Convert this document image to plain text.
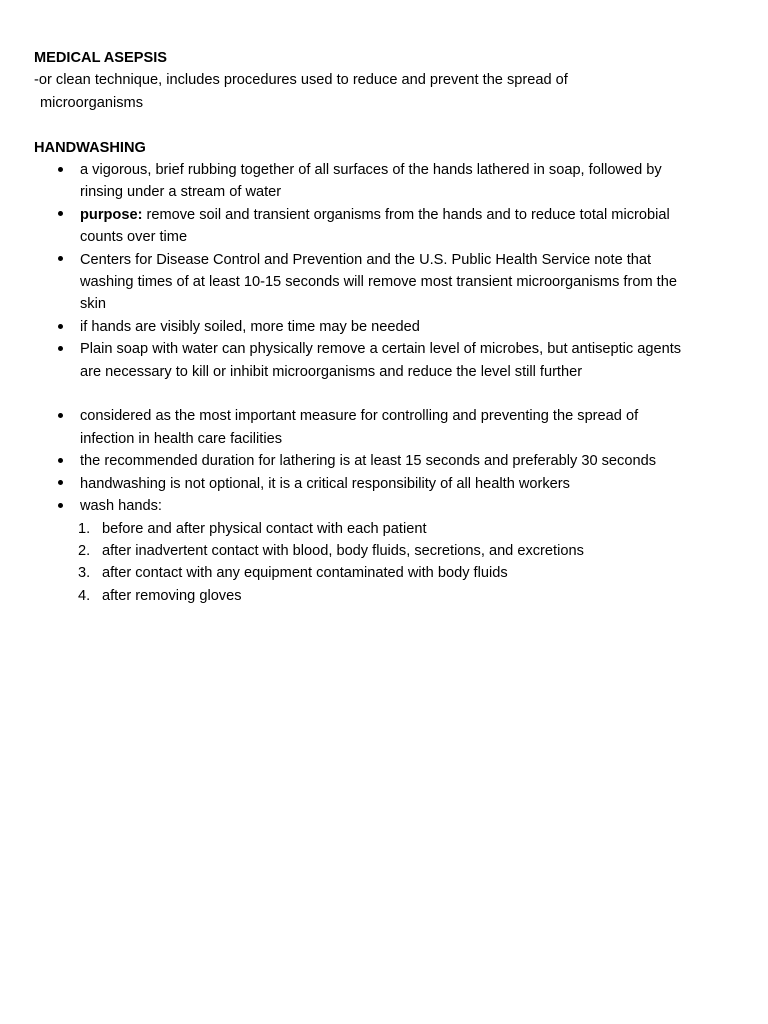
MEDICAL ASEPSIS

-or clean technique, includes procedures used to reduce and prevent the spread of
microorganisms

HANDWASHING

a vigorous, brief rubbing together of all surfaces of the hands lathered in soap, followed by rinsing under a stream of water
purpose: remove soil and transient organisms from the hands and to reduce total microbial counts over time
Centers for Disease Control and Prevention and the U.S. Public Health Service note that washing times of at least 10-15 seconds will remove most transient microorganisms from the skin
if hands are visibly soiled, more time may be needed
Plain soap with water can physically remove a certain level of microbes, but antiseptic agents are necessary to kill or inhibit microorganisms and reduce the level still further
considered as the most important measure for controlling and preventing the spread of infection in health care facilities
the recommended duration for lathering is at least 15 seconds and preferably 30 seconds
handwashing is not optional, it is a critical responsibility of all health workers
wash hands:
1. before and after physical contact with each patient
2. after inadvertent contact with blood, body fluids, secretions, and excretions
3. after contact with any equipment contaminated with body fluids
4. after removing gloves
